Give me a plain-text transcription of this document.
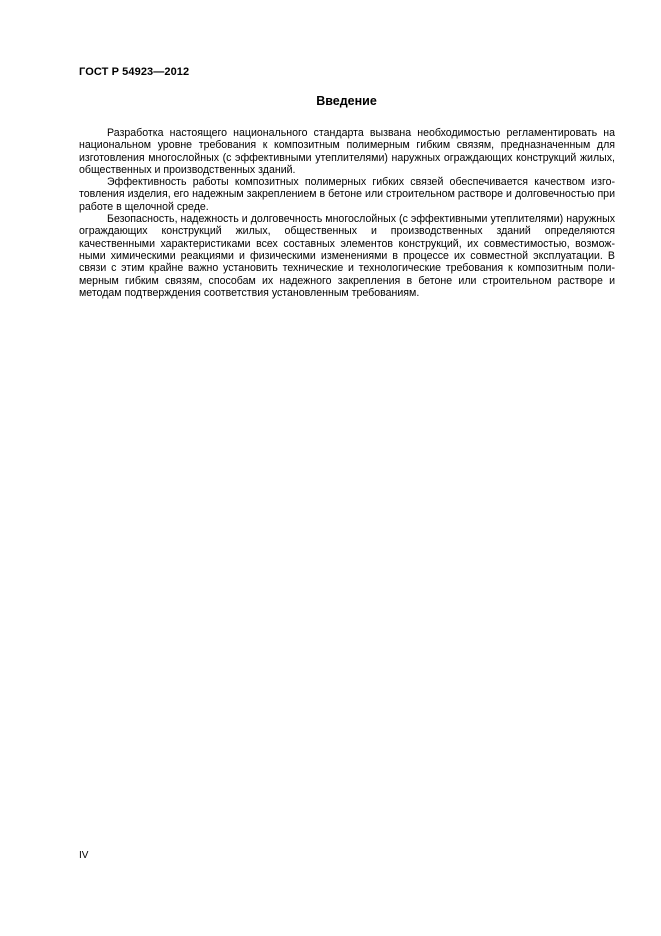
ГОСТ Р 54923—2012
Введение

Разработка настоящего национального стандарта вызвана необходимостью регламентировать на национальном уровне требования к композитным полимерным гибким связям, предназначенным для изготовления многослойных (с эффективными утеплителями) наружных ограждающих конструкций жилых, общественных и производственных зданий.

Эффективность работы композитных полимерных гибких связей обеспечивается качеством изготовления изделия, его надежным закреплением в бетоне или строительном растворе и долговечностью при работе в щелочной среде.

Безопасность, надежность и долговечность многослойных (с эффективными утеплителями) наружных ограждающих конструкций жилых, общественных и производственных зданий определяются качественными характеристиками всех составных элементов конструкций, их совместимостью, возможными химическими реакциями и физическими изменениями в процессе их совместной эксплуатации. В связи с этим крайне важно установить технические и технологические требования к композитным полимерным гибким связям, способам их надежного закрепления в бетоне или строительном растворе и методам подтверждения соответствия установленным требованиям.

IV
